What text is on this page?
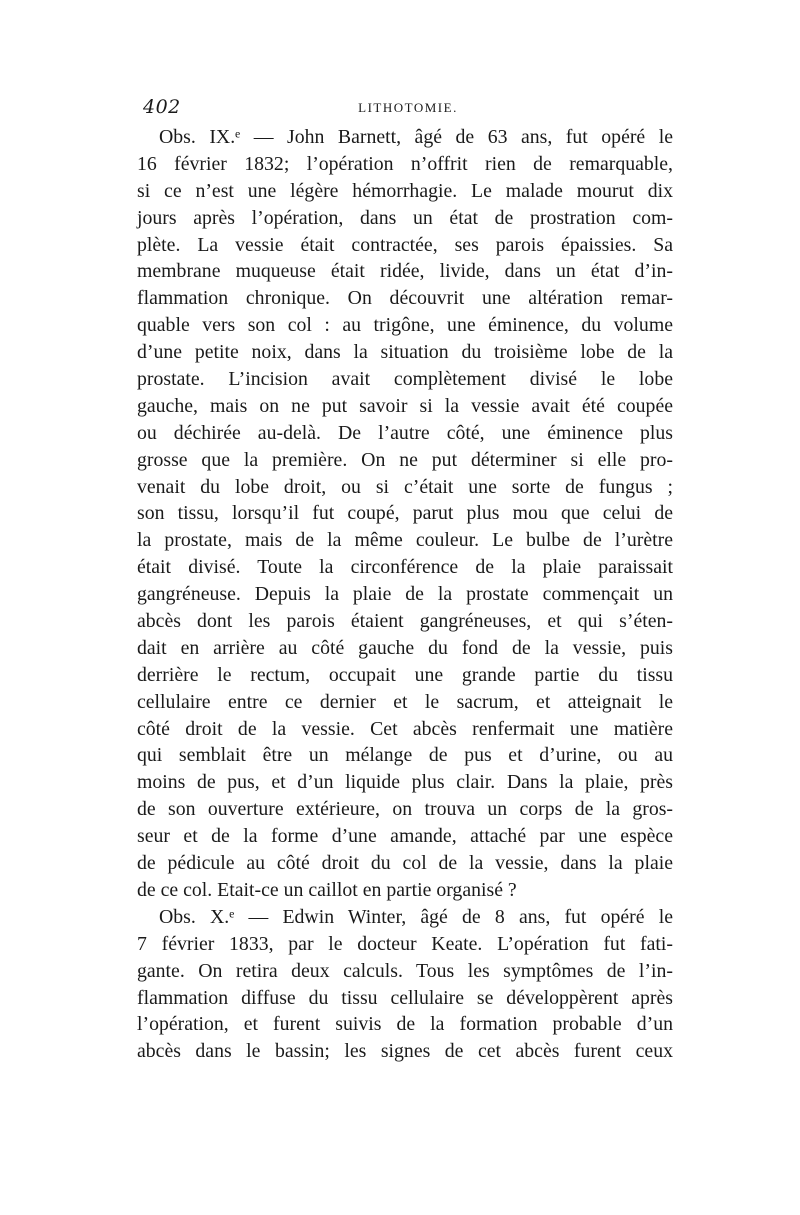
402	LITHOTOMIE.
Obs. IX.ᵉ — John Barnett, âgé de 63 ans, fut opéré le
16 février 1832; l’opération n’offrit rien de remarquable,
si ce n’est une légère hémorrhagie. Le malade mourut dix
jours après l’opération, dans un état de prostration com-
plète. La vessie était contractée, ses parois épaissies. Sa
membrane muqueuse était ridée, livide, dans un état d’in-
flammation chronique. On découvrit une altération remar-
quable vers son col : au trigône, une éminence, du volume
d’une petite noix, dans la situation du troisième lobe de la
prostate. L’incision avait complètement divisé le lobe
gauche, mais on ne put savoir si la vessie avait été coupée
ou déchirée au-delà. De l’autre côté, une éminence plus
grosse que la première. On ne put déterminer si elle pro-
venait du lobe droit, ou si c’était une sorte de fungus ;
son tissu, lorsqu’il fut coupé, parut plus mou que celui de
la prostate, mais de la même couleur. Le bulbe de l’urètre
était divisé. Toute la circonférence de la plaie paraissait
gangréneuse. Depuis la plaie de la prostate commençait un
abcès dont les parois étaient gangréneuses, et qui s’éten-
dait en arrière au côté gauche du fond de la vessie, puis
derrière le rectum, occupait une grande partie du tissu
cellulaire entre ce dernier et le sacrum, et atteignait le
côté droit de la vessie. Cet abcès renfermait une matière
qui semblait être un mélange de pus et d’urine, ou au
moins de pus, et d’un liquide plus clair. Dans la plaie, près
de son ouverture extérieure, on trouva un corps de la gros-
seur et de la forme d’une amande, attaché par une espèce
de pédicule au côté droit du col de la vessie, dans la plaie
de ce col. Etait-ce un caillot en partie organisé ?
Obs. X.ᵉ — Edwin Winter, âgé de 8 ans, fut opéré le
7 février 1833, par le docteur Keate. L’opération fut fati-
gante. On retira deux calculs. Tous les symptômes de l’in-
flammation diffuse du tissu cellulaire se développèrent après
l’opération, et furent suivis de la formation probable d’un
abcès dans le bassin; les signes de cet abcès furent ceux
